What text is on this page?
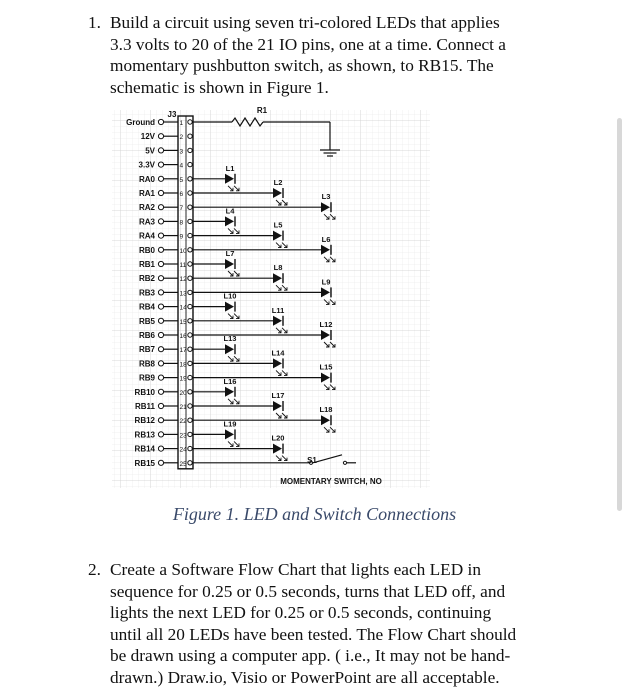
1. Build a circuit using seven tri-colored LEDs that applies
3.3 volts to 20 of the 21 IO pins, one at a time. Connect a
momentary pushbutton switch, as shown, to RB15. The
schematic is shown in Figure 1.
J3
Ground	1
12V	2
5V	3
3.3V	4
RA0	5
RA1	6
RA2	7
RA3	8
RA4	9
RB0	10
RB1	11
RB2	12
RB3	13
RB4	14
RB5	15
RB6	16
RB7	17
RB8	18
RB9	19
RB10	20
RB11	21
RB12	22
RB13	23
RB14	24
RB15	25
R1
L1
L2
L3
L4
L5
L6
L7
L8
L9
L10
L11
L12
L13
L14
L15
L16
L17
L18
L19
L20
S1
MOMENTARY SWITCH, NO
Figure 1. LED and Switch Connections
2. Create a Software Flow Chart that lights each LED in
sequence for 0.25 or 0.5 seconds, turns that LED off, and
lights the next LED for 0.25 or 0.5 seconds, continuing
until all 20 LEDs have been tested. The Flow Chart should
be drawn using a computer app. ( i.e., It may not be hand-
drawn.) Draw.io, Visio or PowerPoint are all acceptable.
